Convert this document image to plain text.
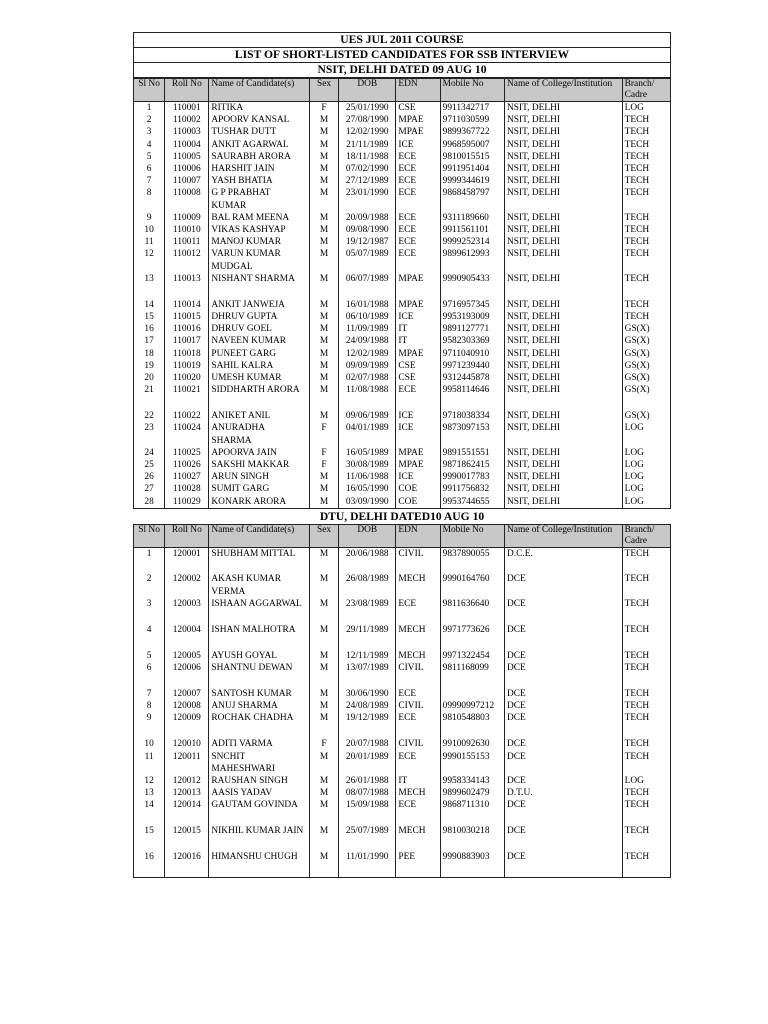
UES JUL 2011 COURSE
LIST OF SHORT-LISTED CANDIDATES FOR SSB INTERVIEW
NSIT, DELHI DATED 09 AUG 10
Sl No	Roll No	Name of Candidate(s)	Sex	DOB	EDN	Mobile No	Name of College/Institution	Branch/ Cadre
1	110001	RITIKA	F	25/01/1990	CSE	9911342717	NSIT, DELHI	LOG
2	110002	APOORV KANSAL	M	27/08/1990	MPAE	9711030599	NSIT, DELHI	TECH
3	110003	TUSHAR DUTT	M	12/02/1990	MPAE	9899367722	NSIT, DELHI	TECH
4	110004	ANKIT AGARWAL	M	21/11/1989	ICE	9968595007	NSIT, DELHI	TECH
5	110005	SAURABH ARORA	M	18/11/1988	ECE	9810015515	NSIT, DELHI	TECH
6	110006	HARSHIT JAIN	M	07/02/1990	ECE	9911951404	NSIT, DELHI	TECH
7	110007	YASH BHATIA	M	27/12/1989	ECE	9999344619	NSIT, DELHI	TECH
8	110008	G P PRABHAT KUMAR	M	23/01/1990	ECE	9868458797	NSIT, DELHI	TECH
9	110009	BAL RAM MEENA	M	20/09/1988	ECE	9311189660	NSIT, DELHI	TECH
10	110010	VIKAS KASHYAP	M	09/08/1990	ECE	9911561101	NSIT, DELHI	TECH
11	110011	MANOJ KUMAR	M	19/12/1987	ECE	9999252314	NSIT, DELHI	TECH
12	110012	VARUN KUMAR MUDGAL	M	05/07/1989	ECE	9899612993	NSIT, DELHI	TECH
13	110013	NISHANT SHARMA	M	06/07/1989	MPAE	9990905433	NSIT, DELHI	TECH
14	110014	ANKIT JANWEJA	M	16/01/1988	MPAE	9716957345	NSIT, DELHI	TECH
15	110015	DHRUV GUPTA	M	06/10/1989	ICE	9953193009	NSIT, DELHI	TECH
16	110016	DHRUV GOEL	M	11/09/1989	IT	9891127771	NSIT, DELHI	GS(X)
17	110017	NAVEEN KUMAR	M	24/09/1988	IT	9582303369	NSIT, DELHI	GS(X)
18	110018	PUNEET GARG	M	12/02/1989	MPAE	9711040910	NSIT, DELHI	GS(X)
19	110019	SAHIL KALRA	M	09/09/1989	CSE	9971239440	NSIT, DELHI	GS(X)
20	110020	UMESH KUMAR	M	02/07/1988	CSE	9312445878	NSIT, DELHI	GS(X)
21	110021	SIDDHARTH ARORA	M	11/08/1988	ECE	9958114646	NSIT, DELHI	GS(X)
22	110022	ANIKET ANIL	M	09/06/1989	ICE	9718038334	NSIT, DELHI	GS(X)
23	110024	ANURADHA SHARMA	F	04/01/1989	ICE	9873097153	NSIT, DELHI	LOG
24	110025	APOORVA JAIN	F	16/05/1989	MPAE	9891551551	NSIT, DELHI	LOG
25	110026	SAKSHI MAKKAR	F	30/08/1989	MPAE	9871862415	NSIT, DELHI	LOG
26	110027	ARUN SINGH	M	11/06/1988	ICE	9990017783	NSIT, DELHI	LOG
27	110028	SUMIT GARG	M	16/05/1990	COE	9911756832	NSIT, DELHI	LOG
28	110029	KONARK ARORA	M	03/09/1990	COE	9953744655	NSIT, DELHI	LOG

DTU, DELHI DATED10 AUG 10

Sl No	Roll No	Name of Candidate(s)	Sex	DOB	EDN	Mobile No	Name of College/Institution	Branch/ Cadre
1	120001	SHUBHAM MITTAL	M	20/06/1988	CIVIL	9837890055	D.C.E.	TECH
2	120002	AKASH KUMAR VERMA	M	26/08/1989	MECH	9990164760	DCE	TECH
3	120003	ISHAAN AGGARWAL	M	23/08/1989	ECE	9811636640	DCE	TECH
4	120004	ISHAN MALHOTRA	M	29/11/1989	MECH	9971773626	DCE	TECH
5	120005	AYUSH GOYAL	M	12/11/1989	MECH	9971322454	DCE	TECH
6	120006	SHANTNU DEWAN	M	13/07/1989	CIVIL	9811168099	DCE	TECH
7	120007	SANTOSH KUMAR	M	30/06/1990	ECE		DCE	TECH
8	120008	ANUJ SHARMA	M	24/08/1989	CIVIL	09990997212	DCE	TECH
9	120009	ROCHAK CHADHA	M	19/12/1989	ECE	9810548803	DCE	TECH
10	120010	ADITI VARMA	F	20/07/1988	CIVIL	9910092630	DCE	TECH
11	120011	SNCHIT MAHESHWARI	M	20/01/1989	ECE	9990155153	DCE	TECH
12	120012	RAUSHAN SINGH	M	26/01/1988	IT	9958334143	DCE	LOG
13	120013	AASIS YADAV	M	08/07/1988	MECH	9899602479	D.T.U.	TECH
14	120014	GAUTAM GOVINDA	M	15/09/1988	ECE	9868711310	DCE	TECH
15	120015	NIKHIL KUMAR JAIN	M	25/07/1989	MECH	9810030218	DCE	TECH
16	120016	HIMANSHU CHUGH	M	11/01/1990	PEE	9990883903	DCE	TECH
